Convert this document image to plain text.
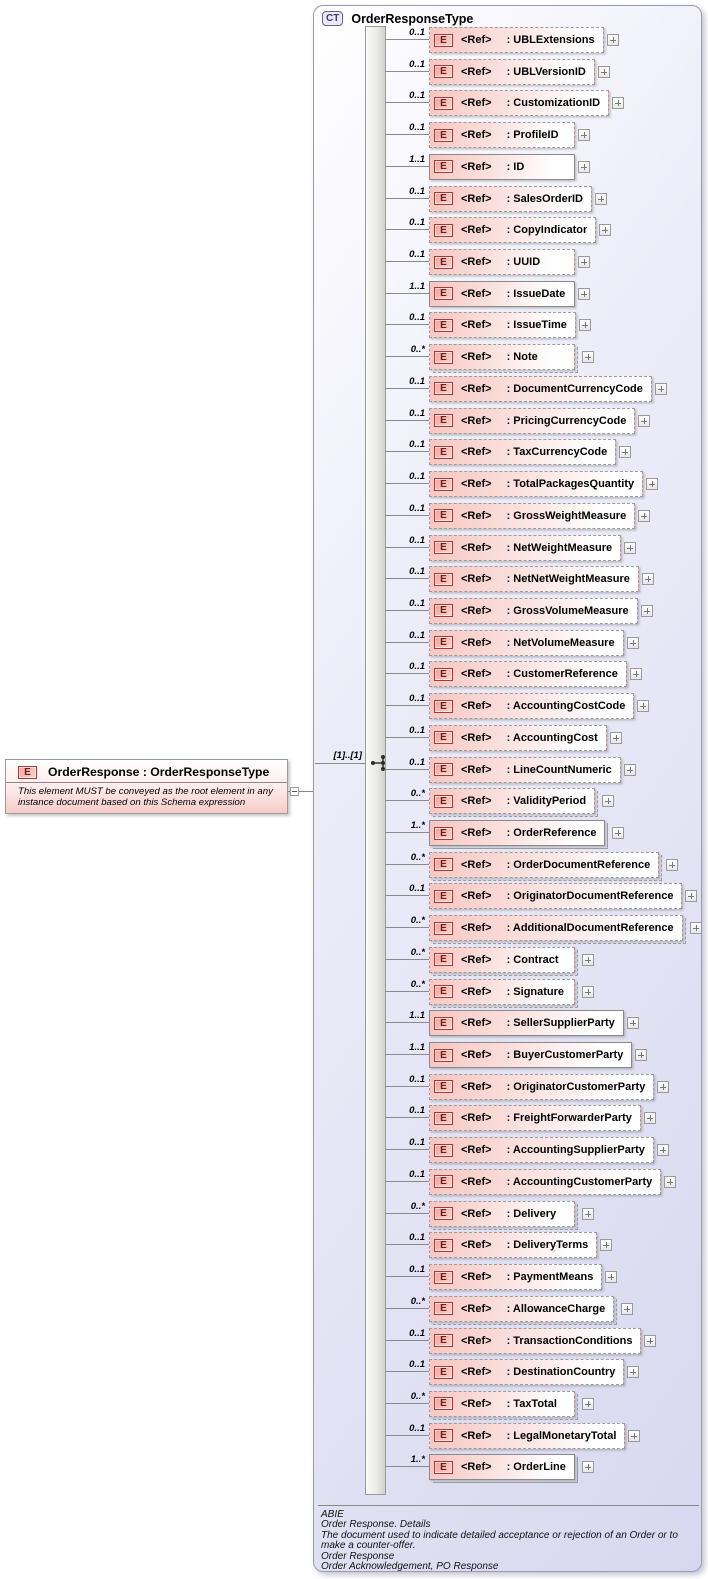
E	OrderResponse : OrderResponseType
This element MUST be conveyed as the root element in any instance document based on this Schema expression
CT OrderResponseType
[1]..[1]
0..1
E	<Ref> : UBLExtensions
0..1
E	<Ref> : UBLVersionID
0..1
E	<Ref> : CustomizationID
0..1
E	<Ref> : ProfileID
1..1
E	<Ref> : ID
0..1
E	<Ref> : SalesOrderID
0..1
E	<Ref> : CopyIndicator
0..1
E	<Ref> : UUID
1..1
E	<Ref> : IssueDate
0..1
E	<Ref> : IssueTime
0..*
E	<Ref> : Note
0..1
E	<Ref> : DocumentCurrencyCode
0..1
E	<Ref> : PricingCurrencyCode
0..1
E	<Ref> : TaxCurrencyCode
0..1
E	<Ref> : TotalPackagesQuantity
0..1
E	<Ref> : GrossWeightMeasure
0..1
E	<Ref> : NetWeightMeasure
0..1
E	<Ref> : NetNetWeightMeasure
0..1
E	<Ref> : GrossVolumeMeasure
0..1
E	<Ref> : NetVolumeMeasure
0..1
E	<Ref> : CustomerReference
0..1
E	<Ref> : AccountingCostCode
0..1
E	<Ref> : AccountingCost
0..1
E	<Ref> : LineCountNumeric
0..*
E	<Ref> : ValidityPeriod
1..*
E	<Ref> : OrderReference
0..*
E	<Ref> : OrderDocumentReference
0..1
E	<Ref> : OriginatorDocumentReference
0..*
E	<Ref> : AdditionalDocumentReference
0..*
E	<Ref> : Contract
0..*
E	<Ref> : Signature
1..1
E	<Ref> : SellerSupplierParty
1..1
E	<Ref> : BuyerCustomerParty
0..1
E	<Ref> : OriginatorCustomerParty
0..1
E	<Ref> : FreightForwarderParty
0..1
E	<Ref> : AccountingSupplierParty
0..1
E	<Ref> : AccountingCustomerParty
0..*
E	<Ref> : Delivery
0..1
E	<Ref> : DeliveryTerms
0..1
E	<Ref> : PaymentMeans
0..*
E	<Ref> : AllowanceCharge
0..1
E	<Ref> : TransactionConditions
0..1
E	<Ref> : DestinationCountry
0..*
E	<Ref> : TaxTotal
0..1
E	<Ref> : LegalMonetaryTotal
1..*
E	<Ref> : OrderLine
ABIE
Order Response. Details
The document used to indicate detailed acceptance or rejection of an Order or to make a counter-offer.
Order Response
Order Acknowledgement, PO Response
